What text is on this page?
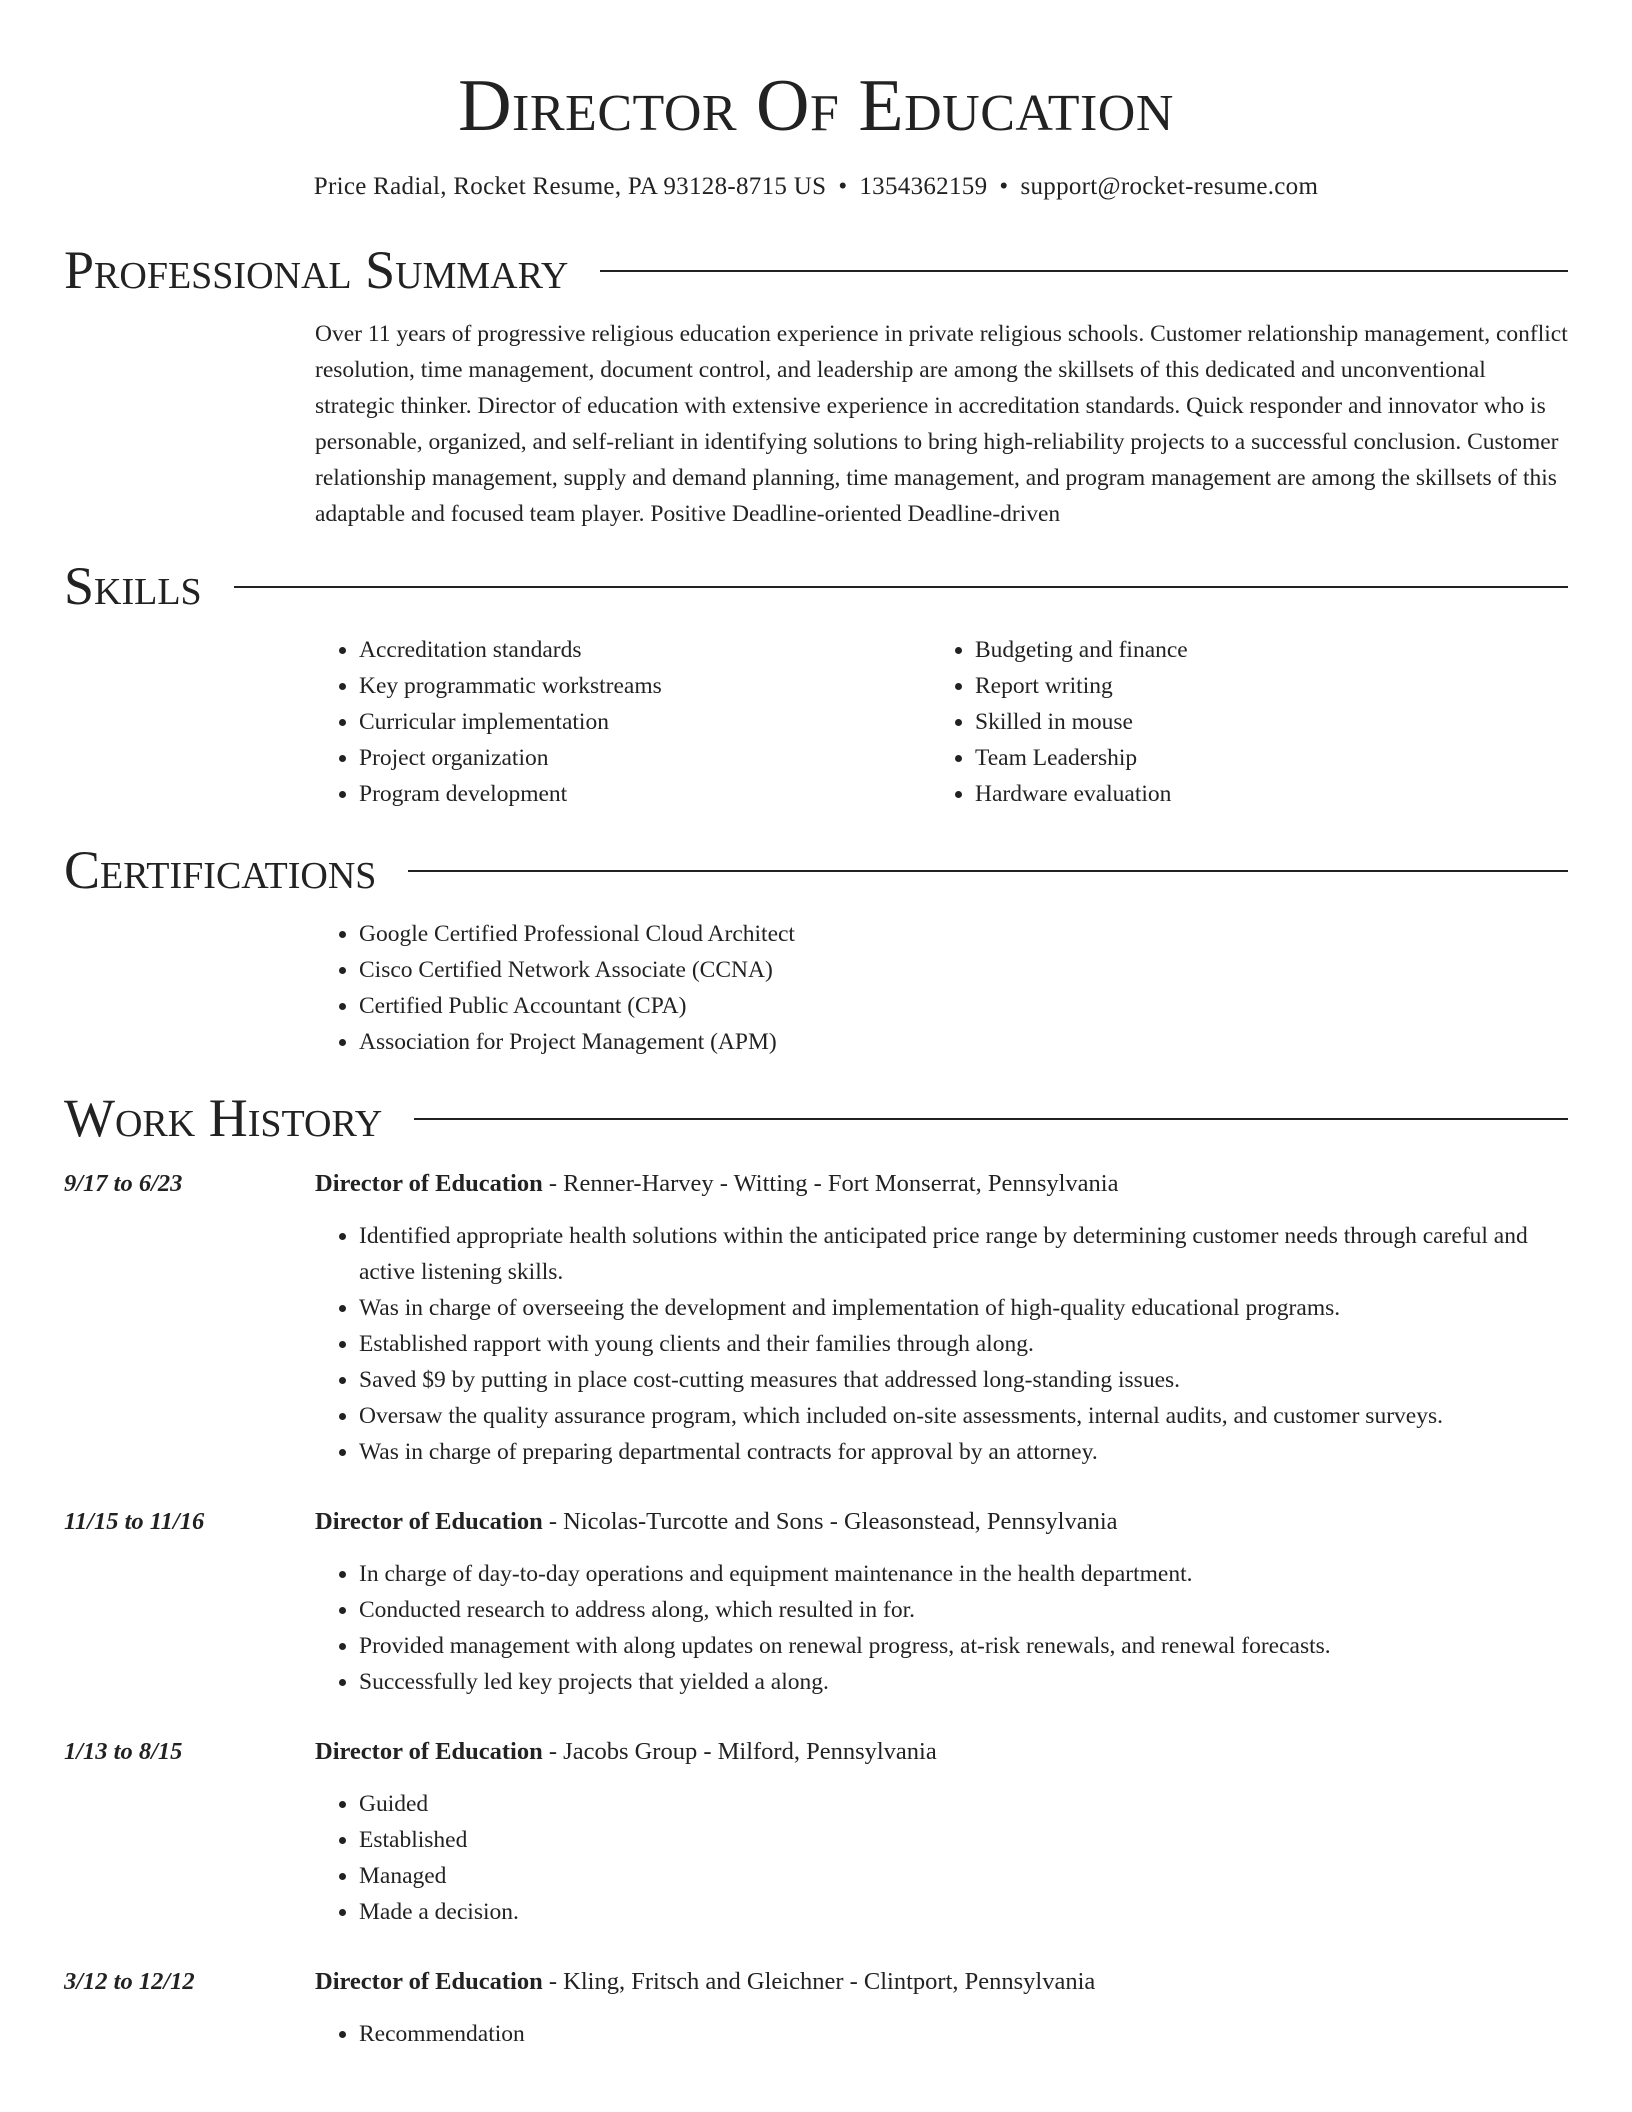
Director Of Education
Price Radial, Rocket Resume, PA 93128-8715 US • 1354362159 • support@rocket-resume.com
Professional Summary

Over 11 years of progressive religious education experience in private religious schools. Customer relationship management, conflict resolution, time management, document control, and leadership are among the skillsets of this dedicated and unconventional strategic thinker. Director of education with extensive experience in accreditation standards. Quick responder and innovator who is personable, organized, and self-reliant in identifying solutions to bring high-reliability projects to a successful conclusion. Customer relationship management, supply and demand planning, time management, and program management are among the skillsets of this adaptable and focused team player. Positive Deadline-oriented Deadline-driven

Skills
• Accreditation standards
• Key programmatic workstreams
• Curricular implementation
• Project organization
• Program development
• Budgeting and finance
• Report writing
• Skilled in mouse
• Team Leadership
• Hardware evaluation
Certifications
• Google Certified Professional Cloud Architect
• Cisco Certified Network Associate (CCNA)
• Certified Public Accountant (CPA)
• Association for Project Management (APM)
Work History
9/17 to 6/23	Director of Education - Renner-Harvey - Witting - Fort Monserrat, Pennsylvania
• Identified appropriate health solutions within the anticipated price range by determining customer needs through careful and active listening skills.
• Was in charge of overseeing the development and implementation of high-quality educational programs.
• Established rapport with young clients and their families through along.
• Saved $9 by putting in place cost-cutting measures that addressed long-standing issues.
• Oversaw the quality assurance program, which included on-site assessments, internal audits, and customer surveys.
• Was in charge of preparing departmental contracts for approval by an attorney.
11/15 to 11/16	Director of Education - Nicolas-Turcotte and Sons - Gleasonstead, Pennsylvania
• In charge of day-to-day operations and equipment maintenance in the health department.
• Conducted research to address along, which resulted in for.
• Provided management with along updates on renewal progress, at-risk renewals, and renewal forecasts.
• Successfully led key projects that yielded a along.
1/13 to 8/15	Director of Education - Jacobs Group - Milford, Pennsylvania
• Guided
• Established
• Managed
• Made a decision.
3/12 to 12/12	Director of Education - Kling, Fritsch and Gleichner - Clintport, Pennsylvania
• Recommendation
